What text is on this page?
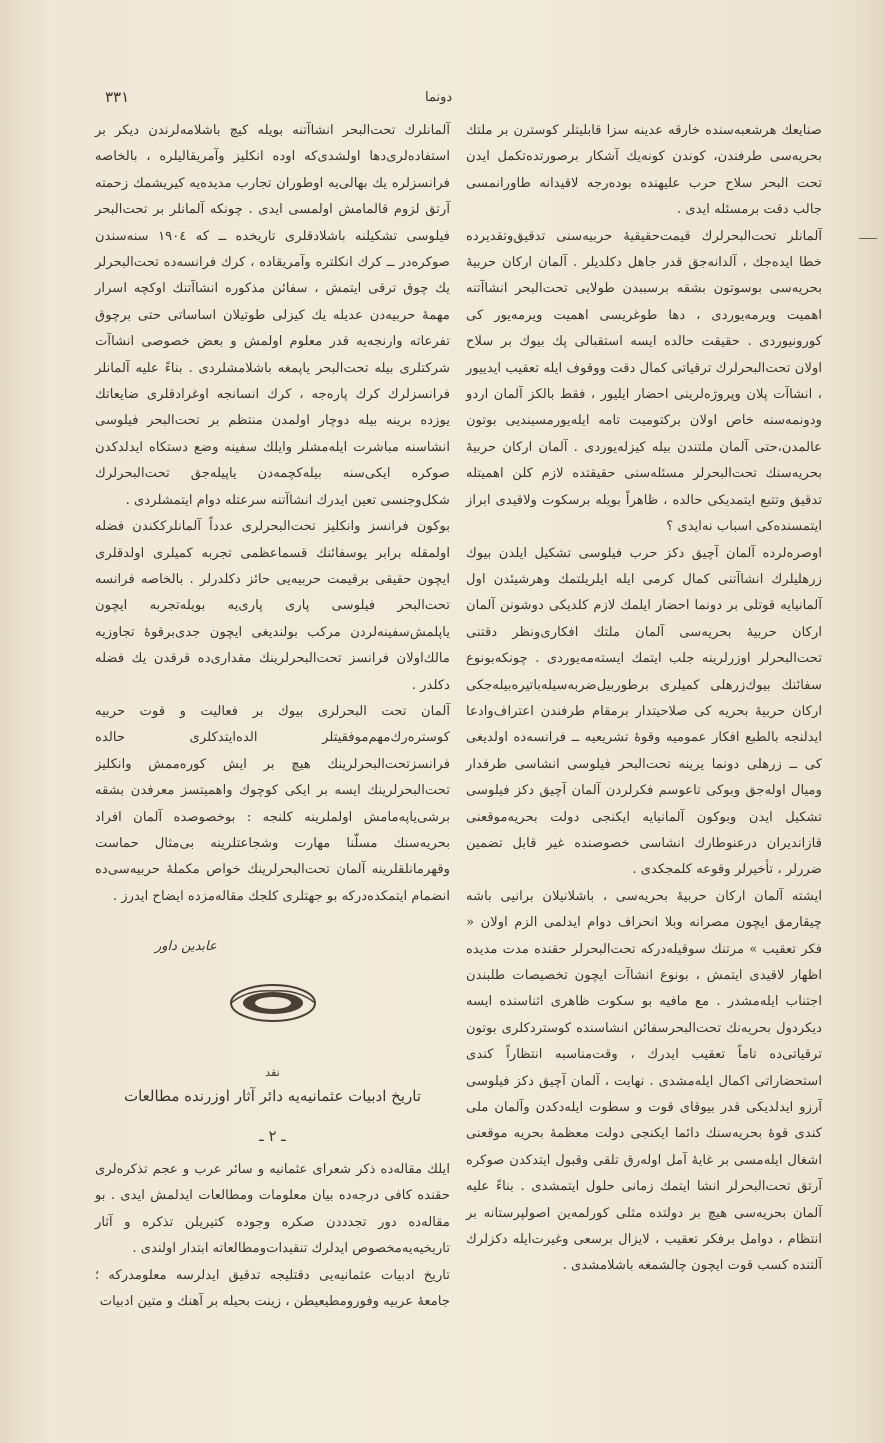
٣٣١	دونما

صنایعك هرشعبه‌سنده خارقه عدینه سزا قابلیتلر كوسترن بر ملتك بحریه‌سی طرفندن، كوندن كونه‌یك آشكار برصورتده‌تكمل ایدن تحت البحر سلاح حرب علیهنده بوده‌رجه لاقیدانه طاورانمسی جالب دقت برمسئله ایدی .

آلمانلر تحت‌البحرلرك قیمت‌حقیقیهٔ حربیه‌سنی تدقیق‌وتقدیرده خطا ایده‌جك ، آلدانه‌جق قدر جاهل دكلدیلر . آلمان اركان حربیهٔ بحریه‌سی بوسوتون بشقه برسببدن طولایی تحت‌البحر انشاآتنه اهمیت ویرمه‌یوردی ، دها طوغریسی اهمیت ویرمه‌یور كی كورونیوردی . حقیقت حالده ایسه استقبالی پك بیوك بر سلاح اولان تحت‌البحرلرك ترقیاتی كمال دقت ووقوف ایله تعقیب ایدییور ، انشاآت پلان وپروژه‌لرینی احضار ایلیور ، فقط بالكز آلمان اردو ودونمه‌سنه خاص اولان بركتومیت تامه ایله‌یورمسیندیی بوتون عالمدن،حتی آلمان ملتندن بیله كیزله‌یوردی . آلمان اركان حربیهٔ بحریه‌سنك تحت‌البحرلر مسئله‌سنی حقیقتده لازم كلن اهمیتله تدقیق وتتبع ایتمدیكی حالده ، ظاهراً بویله برسكوت ولاقیدی ابراز ایتمسنده‌كی اسباب نه‌ایدی ؟

اوصره‌لرده آلمان آچیق دكز حرب فیلوسی تشكیل ایلدن بیوك زرهلیلرك انشاآتنی كمال كرمی ایله ایلریلتمك وهرشیئدن اول آلمانیایه قوتلی بر دونما احضار ایلمك لازم كلدیكی دوشونن آلمان اركان حربیهٔ بحریه‌سی آلمان ملتك افكاری‌ونظر دقتنی تحت‌البحرلر اوزرلرینه جلب ایتمك ایسته‌مه‌یوردی . چونكه‌بونوع سفائنك بیوك‌زرهلی كمیلری برطوربیل‌ضربه‌سیله‌باتیره‌بیله‌جكی اركان حربیهٔ بحریه كی صلاحیتدار برمقام طرفندن اعتراف‌وادعا ایدلنجه بالطبع افكار عمومیه وقوهٔ تشریعیه ــ فرانسه‌ده اولدیغی كی ــ زرهلی دونما یرینه تحت‌البحر فیلوسی انشاسی طرفدار ومیال اوله‌جق وبوكی تاعوسم فكرلردن آلمان آچیق دكز فیلوسی تشكیل ایدن وبوكون آلمانیایه ایكنجی دولت بحریه‌موقعنی قازاندیران درعنوطارك انشاسی خصوصنده غیر قابل تضمین ضررلر ، تأخیرلر وقوعه كلمجكدی .

ایشته آلمان اركان حربیهٔ بحریه‌سی ، باشلانیلان برانیی باشه چیقارمق ایچون مصرانه وبلا انحراف دوام ایدلمی الزم اولان « فكر تعقیب » مرتنك سوقیله‌دركه تحت‌البحرلر حقنده مدت مدیده اظهار لاقیدی ایتمش ، بونوع انشاآت ایچون تخصیصات طلبندن اجتناب ایله‌مشدر . مع مافیه بو سكوت ظاهری اثناسنده ایسه دیكردول بحریه‌نك تحت‌البحرسفائن انشاسنده كوستردكلری بوتون ترقیاتی‌ده تاماً تعقیب ایدرك ، وقت‌مناسبه انتظاراً كندی استحضاراتی اكمال ایله‌مشدی . نهایت ، آلمان آچیق دكز فیلوسی آرزو ایدلدیكی قدر بیوقای قوت و سطوت ایله‌دكدن وآلمان ملی كندی قوهٔ بحریه‌سنك دائما ایكنجی دولت معظمهٔ بحریه موقعنی اشغال ایله‌مسی بر غایهٔ آمل اوله‌رق تلقی وقبول ایتدكدن صوكره‌ آرتق تحت‌البحرلر انشا ایتمك زمانی حلول ایتمشدی . بناءً علیه آلمان بحریه‌سی هیچ بر دولتده مثلی كورلمه‌ین اصولپرستانه بر انتظام ، دوامل برفكر تعقیب ، لایزال برسعی وغیرت‌ایله دكزلرك آلتنده كسب قوت ایچون چالشمغه باشلامشدی .

آلمانلرك تحت‌البحر انشاآتنه بویله كیچ باشلامه‌لرندن دیكر بر استفاده‌لری‌دها اولشدی‌كه اوده انكلیز وآمریقالیلره ، بالخاصه فرانسزلره یك بهالی‌یه اوطوران تجارب مدیده‌یه كیریشمك زحمته آرتق لزوم قالمامش اولمسی ایدی . چونكه آلمانلر بر تحت‌البحر فیلوسی تشكیلنه باشلادقلری تاریخده ــ كه ١٩٠٤ سنه‌سندن صوكره‌در ــ كرك انكلتره وآمریقاده ، كرك فرانسه‌ده تحت‌البحرلر یك چوق ترقی ایتمش ، سفائن مذكوره انشاآتنك اوكچه اسرار مهمهٔ حربیه‌دن عدیله یك كیزلی طوتیلان اساساتی حتی برچوق تفرعاته وارنجه‌یه قدر معلوم اولمش و بعض خصوصی انشاآت شركتلری بیله تحت‌البحر یاپمغه باشلامشلردی . بناءً علیه آلمانلر فرانسزلرك كرك پاره‌جه ، كرك انسانجه اوغرادقلری ضایعاتك یوزده برینه بیله دوچار اولمدن منتظم بر تحت‌البحر فیلوسی انشاسنه مباشرت ایله‌مشلر وایلك سفینه وضع دستكاه ایدلدكدن صوكره ایكی‌سنه بیله‌كچمه‌دن یاپیله‌جق تحت‌البحرلرك شكل‌وجنسی تعین ایدرك انشاآتنه سرعتله دوام ایتمشلردی .

بوكون فرانسز وانكلیز تحت‌البحرلری عدداً آلمانلرككندن فضله اولمقله برابر یوسفائنك قسماعظمی تجربه كمیلری اولدقلری ایچون حقیقی برقیمت حربیه‌یی حائز دكلدرلر . بالخاصه فرانسه تحت‌البحر فیلوسی پاری پاری‌یه بویله‌تجربه ایچون یاپلمش‌سفینه‌لردن مركب بولندیغی ایچون جدی‌برقوهٔ تجاوزیه مالك‌اولان فرانسز تحت‌البحرلرینك مقداری‌ده قرقدن یك فضله دكلدر .

آلمان تحت البحرلری بیوك بر فعالیت و قوت حربیه كوستره‌رك‌مهم‌موفقیتلر الده‌ایتدكلری حالده فرانسزتحت‌البحرلرینك هیچ بر ایش كوره‌ممش وانكلیز تحت‌البحرلرینك ایسه بر ایكی كوچوك واهمیتسز معرفدن بشقه برشی‌یاپه‌مامش اولملرینه كلنجه : بوخصوصده آلمان افراد بحریه‌سنك مسلّنا مهارت وشجاعتلرینه بی‌مثال حماست وقهرمانلقلرینه آلمان تحت‌البحرلرینك خواص مكملهٔ حربیه‌سی‌ده انضمام ایتمكده‌دركه بو جهتلری كلجك مقاله‌مزده ایضاح ایدرز .

عابدین داور
نقد
تاریخ ادبیات عثمانیه‌یه دائر آثار اوزرنده مطالعات
ـ ٢ ـ

ایلك مقاله‌ده ذكر شعرای عثمانیه و سائر عرب و عجم تذكره‌لری حقنده كافی درجه‌ده بیان معلومات ومطالعات ایدلمش ایدی . بو مقاله‌ده دور تجدددن صكره وجوده كتیریلن تذكره و آثار تاریخیه‌یه‌مخصوص ایدلرك تنقیدات‌ومطالعاته ابتدار اولندی .

تاریخ ادبیات عثمانیه‌یی دقتلیجه تدقیق ایدلرسه معلومدركه ؛ جامعهٔ عربیه وفورومطیعیطن ، زینت بحیله بر آهنك و متین ادبیات
